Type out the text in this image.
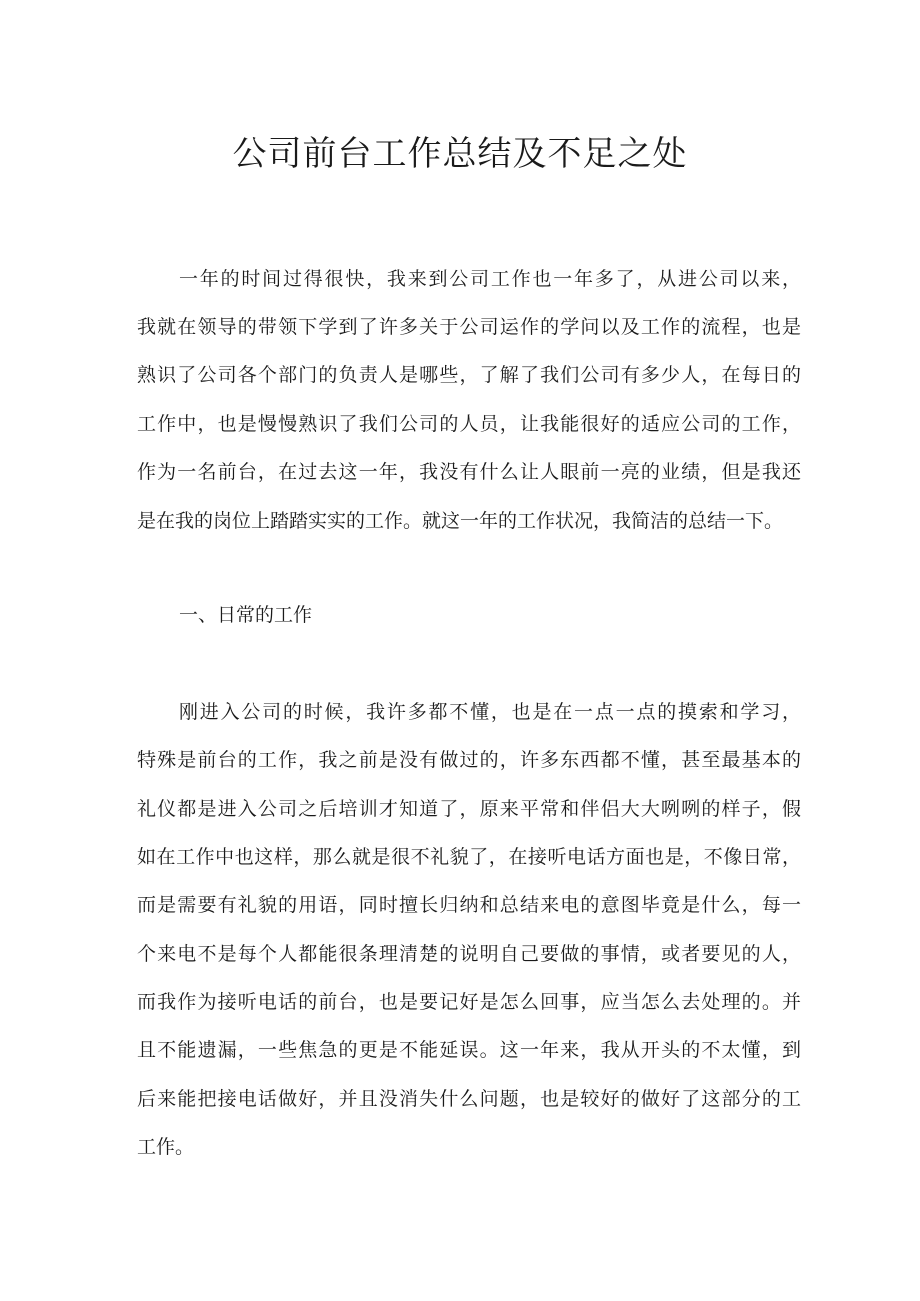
公司前台工作总结及不足之处

一年的时间过得很快，我来到公司工作也一年多了，从进公司以来，

我就在领导的带领下学到了许多关于公司运作的学问以及工作的流程，也是

熟识了公司各个部门的负责人是哪些，了解了我们公司有多少人，在每日的

工作中，也是慢慢熟识了我们公司的人员，让我能很好的适应公司的工作，

作为一名前台，在过去这一年，我没有什么让人眼前一亮的业绩，但是我还

是在我的岗位上踏踏实实的工作。就这一年的工作状况，我简洁的总结一下。

一、日常的工作

刚进入公司的时候，我许多都不懂，也是在一点一点的摸索和学习，

特殊是前台的工作，我之前是没有做过的，许多东西都不懂，甚至最基本的

礼仪都是进入公司之后培训才知道了，原来平常和伴侣大大咧咧的样子，假

如在工作中也这样，那么就是很不礼貌了，在接听电话方面也是，不像日常，

而是需要有礼貌的用语，同时擅长归纳和总结来电的意图毕竟是什么，每一

个来电不是每个人都能很条理清楚的说明自己要做的事情，或者要见的人，

而我作为接听电话的前台，也是要记好是怎么回事，应当怎么去处理的。并

且不能遗漏，一些焦急的更是不能延误。这一年来，我从开头的不太懂，到

后来能把接电话做好，并且没消失什么问题，也是较好的做好了这部分的工

工作。
